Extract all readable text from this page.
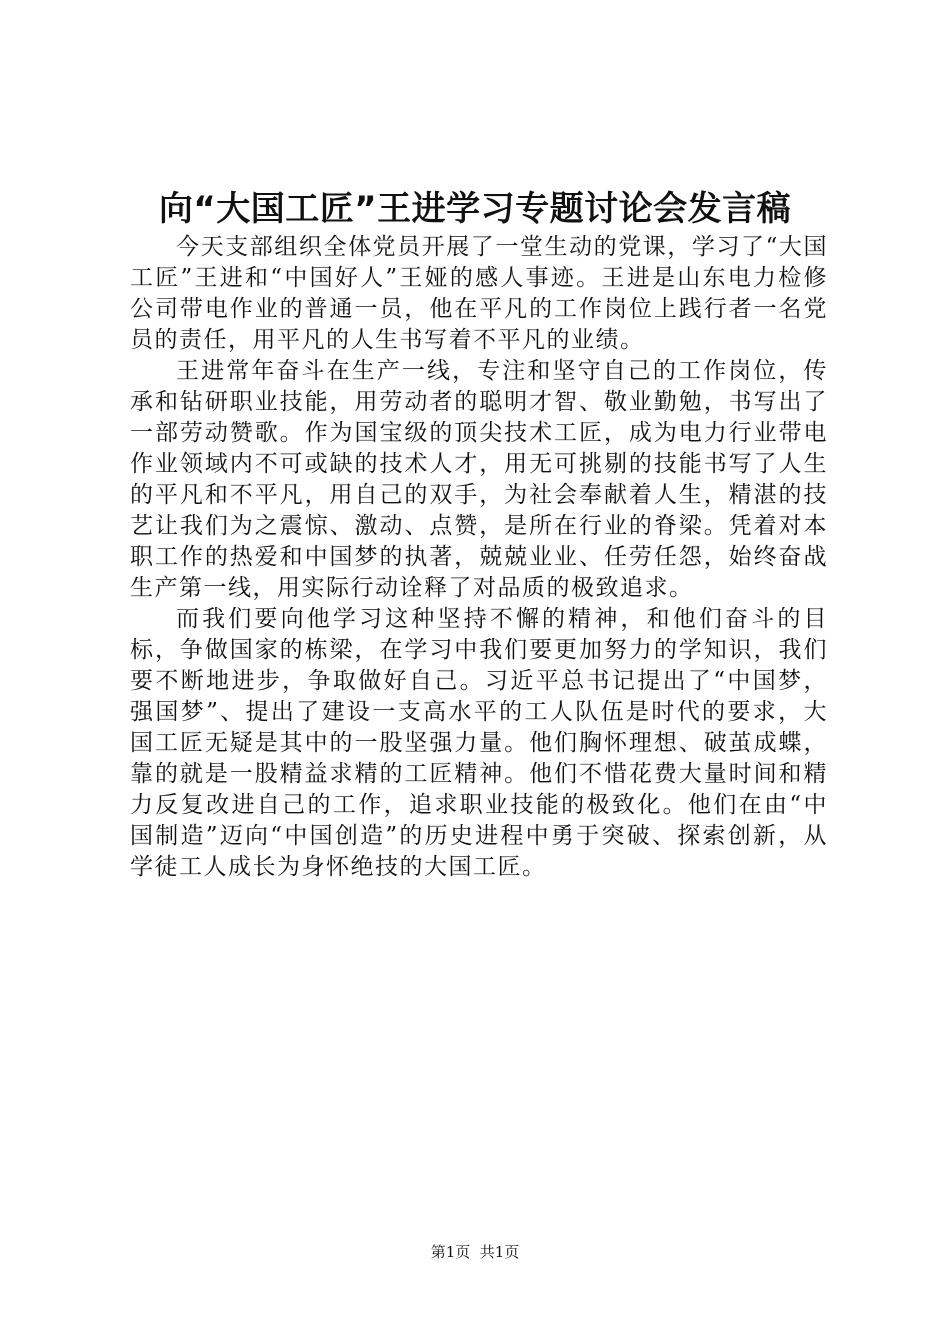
向“大国工匠”王进学习专题讨论会发言稿

今天支部组织全体党员开展了一堂生动的党课，学习了“大国工匠”王进和“中国好人”王娅的感人事迹。王进是山东电力检修公司带电作业的普通一员，他在平凡的工作岗位上践行者一名党员的责任，用平凡的人生书写着不平凡的业绩。

王进常年奋斗在生产一线，专注和坚守自己的工作岗位，传承和钻研职业技能，用劳动者的聪明才智、敬业勤勉，书写出了一部劳动赞歌。作为国宝级的顶尖技术工匠，成为电力行业带电作业领域内不可或缺的技术人才，用无可挑剔的技能书写了人生的平凡和不平凡，用自己的双手，为社会奉献着人生，精湛的技艺让我们为之震惊、激动、点赞，是所在行业的脊梁。凭着对本职工作的热爱和中国梦的执著，兢兢业业、任劳任怨，始终奋战生产第一线，用实际行动诠释了对品质的极致追求。

而我们要向他学习这种坚持不懈的精神，和他们奋斗的目标，争做国家的栋梁，在学习中我们要更加努力的学知识，我们要不断地进步，争取做好自己。习近平总书记提出了“中国梦，强国梦”、提出了建设一支高水平的工人队伍是时代的要求，大国工匠无疑是其中的一股坚强力量。他们胸怀理想、破茧成蝶，靠的就是一股精益求精的工匠精神。他们不惜花费大量时间和精力反复改进自己的工作，追求职业技能的极致化。他们在由“中国制造”迈向“中国创造”的历史进程中勇于突破、探索创新，从学徒工人成长为身怀绝技的大国工匠。

第1页  共1页
